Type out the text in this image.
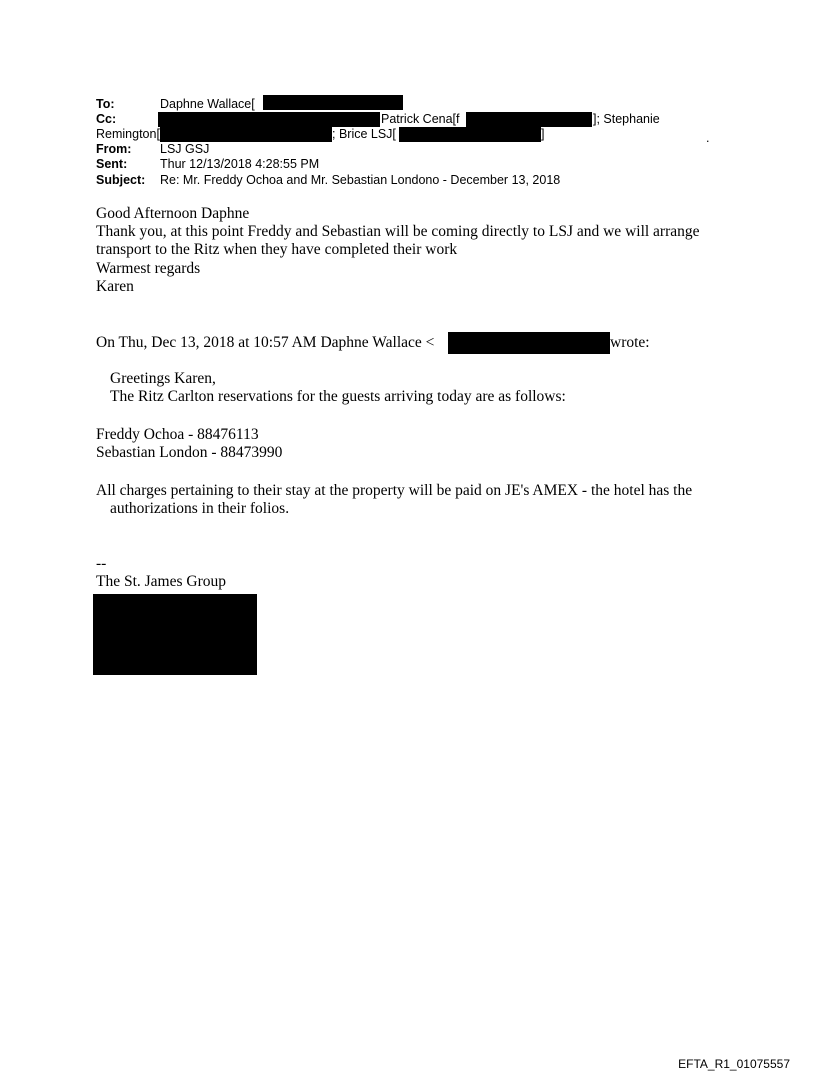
To:	Daphne Wallace[
Cc:	Patrick Cena[f	]; Stephanie
Remington[	; Brice LSJ[	]	.
From: LSJ GSJ
Sent:	Thur 12/13/2018 4:28:55 PM
Subject: Re: Mr. Freddy Ochoa and Mr. Sebastian Londono - December 13, 2018
Good Afternoon Daphne
Thank you, at this point Freddy and Sebastian will be coming directly to LSJ and we will arrange
transport to the Ritz when they have completed their work
Warmest regards
Karen
On Thu, Dec 13, 2018 at 10:57 AM Daphne Wallace <	wrote:
Greetings Karen,
The Ritz Carlton reservations for the guests arriving today are as follows:
Freddy Ochoa - 88476113
Sebastian London - 88473990
All charges pertaining to their stay at the property will be paid on JE's AMEX - the hotel has the
authorizations in their folios.
--
The St. James Group
EFTA_R1_01075557
